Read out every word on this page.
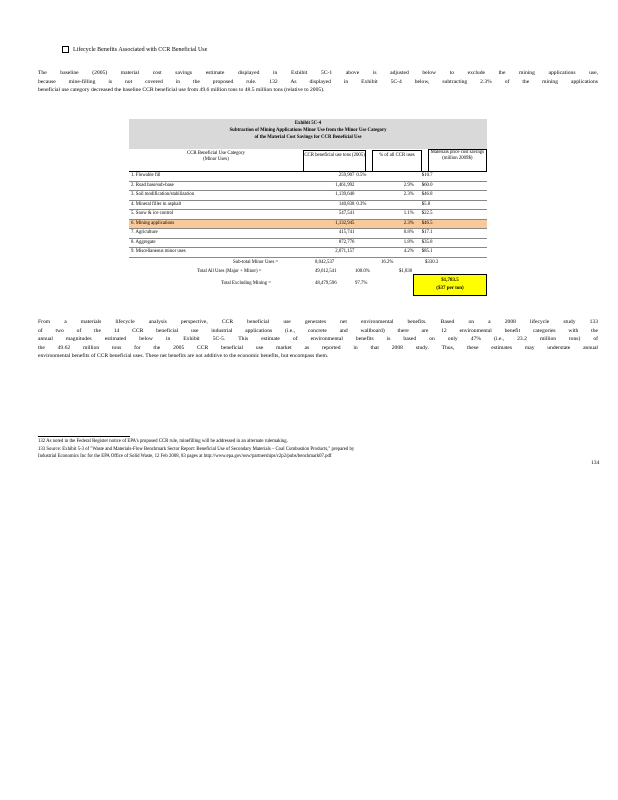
Lifecycle Benefits Associated with CCR Beneficial Use
The baseline (2005) material cost savings estimate displayed in Exhibit 5C-1 above is adjusted below to exclude the mining applications use,
because mine-filling is not covered in the proposed rule. 132 As displayed in Exhibit 5C-4 below, subtracting 2.3% of the mining applications
beneficial use category decreased the baseline CCR beneficial use from 49.6 million tons to 48.5 million tons (relative to 2005).
Exhibit 5C-4
Subtraction of Mining Applications Minor Use from the Minor Use Category
of the Material Cost Savings for CCR Beneficial Use
CCR Beneficial Use Category
(Minor Uses)
CCR beneficial use tons (2005)	% of all CCR uses
Materials price cost savings (million 2009$)
1. Flowable fill	259,907 0.5%	$10.7
2. Road base/sub-base	1,461,992	2.9%	$60.0
3. Soil modification/stabilization	1,139,640	2.3%	$46.8
4. Mineral filler in asphalt	140,838 0.3%	$5.8
5. Snow & ice control	547,541	1.1%	$22.5
6. Mining applications	1,132,945	2.3%	$46.5
7. Agriculture	415,741	0.8%	$17.1
8. Aggregate	872,776	1.8%	$35.8
9. Miscellaneous minor uses	2,071,157	4.2%	$85.1
Sub-total Minor Uses =	8,042,537	16.2%	$330.3
Total All Uses (Major + Minor) =	49,612,541	100.0%	$1,830
Total Excluding Mining =	48,479,596	97.7%	$1,783.5
($37 per ton)
From a materials lifecycle analysis perspective, CCR beneficial use generates net environmental benefits. Based on a 2008 lifecycle study 133
of two of the 14 CCR beneficial use industrial applications (i.e., concrete and wallboard) there are 12 environmental benefit categories with the
annual magnitudes estimated below in Exhibit 5C-5. This estimate of environmental benefits is based on only 47% (i.e., 23.2 million tons) of
the 49.62 million tons for the 2005 CCR beneficial use market as reported in that 2008 study. Thus, these estimates may understate annual
environmental benefits of CCR beneficial uses. These net benefits are not additive to the economic benefits, but encompass them.
132 As noted in the Federal Register notice of EPA's proposed CCR rule, minefilling will be addressed in an alternate rulemaking.
133 Source: Exhibit 5-3 of "Waste and Materials-Flow Benchmark Sector Report: Beneficial Use of Secondary Materials – Coal Combustion Products," prepared by
Industrial Economics Inc for the EPA Office of Solid Waste, 12 Feb 2008, 83 pages at http://www.epa.gov/osw/partnerships/c2p2/pubs/benchmark07.pdf
134
